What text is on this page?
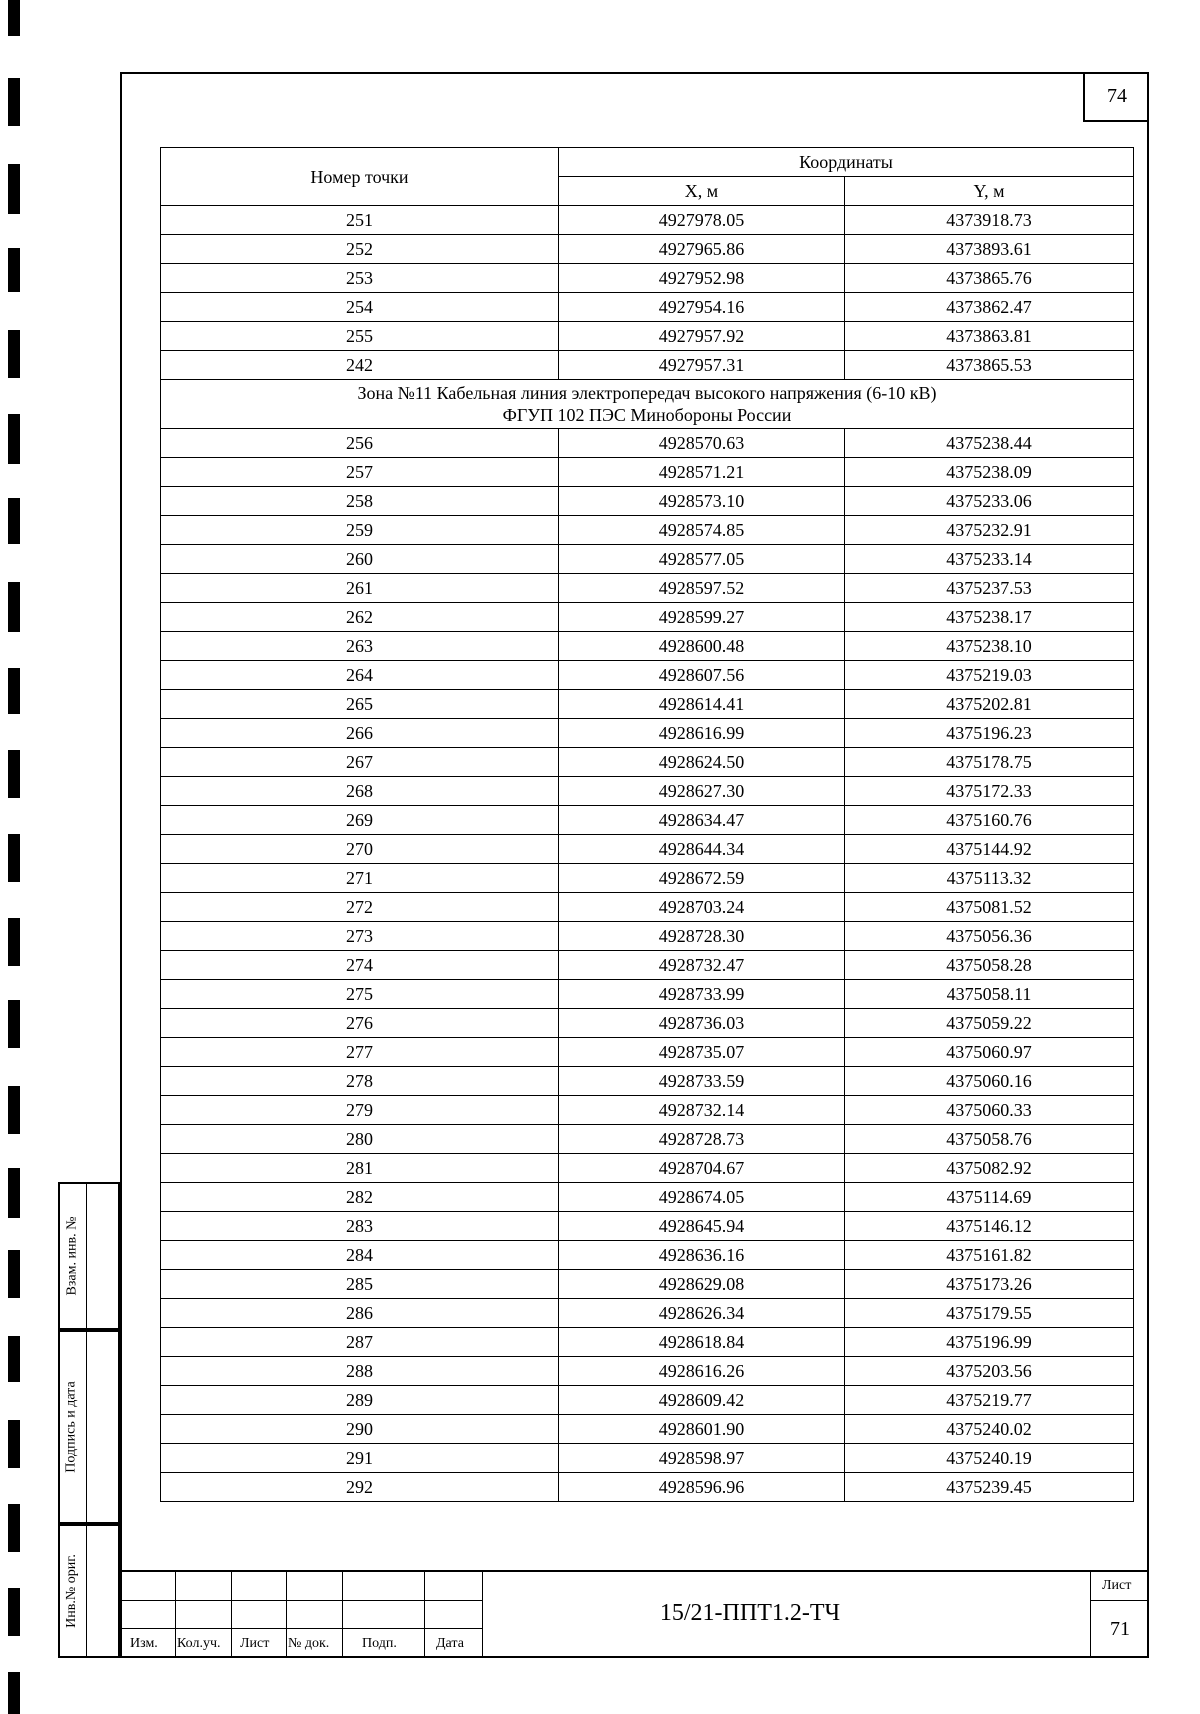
74
Номер точки	Координаты	
	X, м	Y, м
251	4927978.05	4373918.73
252	4927965.86	4373893.61
253	4927952.98	4373865.76
254	4927954.16	4373862.47
255	4927957.92	4373863.81
242	4927957.31	4373865.53

Зона №11 Кабельная линия электропередач высокого напряжения (6-10 кВ)
ФГУП 102 ПЭС Минобороны России		

256	4928570.63	4375238.44
257	4928571.21	4375238.09
258	4928573.10	4375233.06
259	4928574.85	4375232.91
260	4928577.05	4375233.14
261	4928597.52	4375237.53
262	4928599.27	4375238.17
263	4928600.48	4375238.10
264	4928607.56	4375219.03
265	4928614.41	4375202.81
266	4928616.99	4375196.23
267	4928624.50	4375178.75
268	4928627.30	4375172.33
269	4928634.47	4375160.76
270	4928644.34	4375144.92
271	4928672.59	4375113.32
272	4928703.24	4375081.52
273	4928728.30	4375056.36
274	4928732.47	4375058.28
275	4928733.99	4375058.11
276	4928736.03	4375059.22
277	4928735.07	4375060.97
278	4928733.59	4375060.16
279	4928732.14	4375060.33
280	4928728.73	4375058.76
281	4928704.67	4375082.92
282	4928674.05	4375114.69
283	4928645.94	4375146.12
284	4928636.16	4375161.82
285	4928629.08	4375173.26
286	4928626.34	4375179.55
287	4928618.84	4375196.99
288	4928616.26	4375203.56
289	4928609.42	4375219.77
290	4928601.90	4375240.02
291	4928598.97	4375240.19
292	4928596.96	4375239.45
Взам. инв. №
Подпись и дата
Инв.№ ориг.
Изм. Кол.уч. Лист № док. Подп.	Дата
Лист
71
15/21-ППТ1.2-ТЧ
